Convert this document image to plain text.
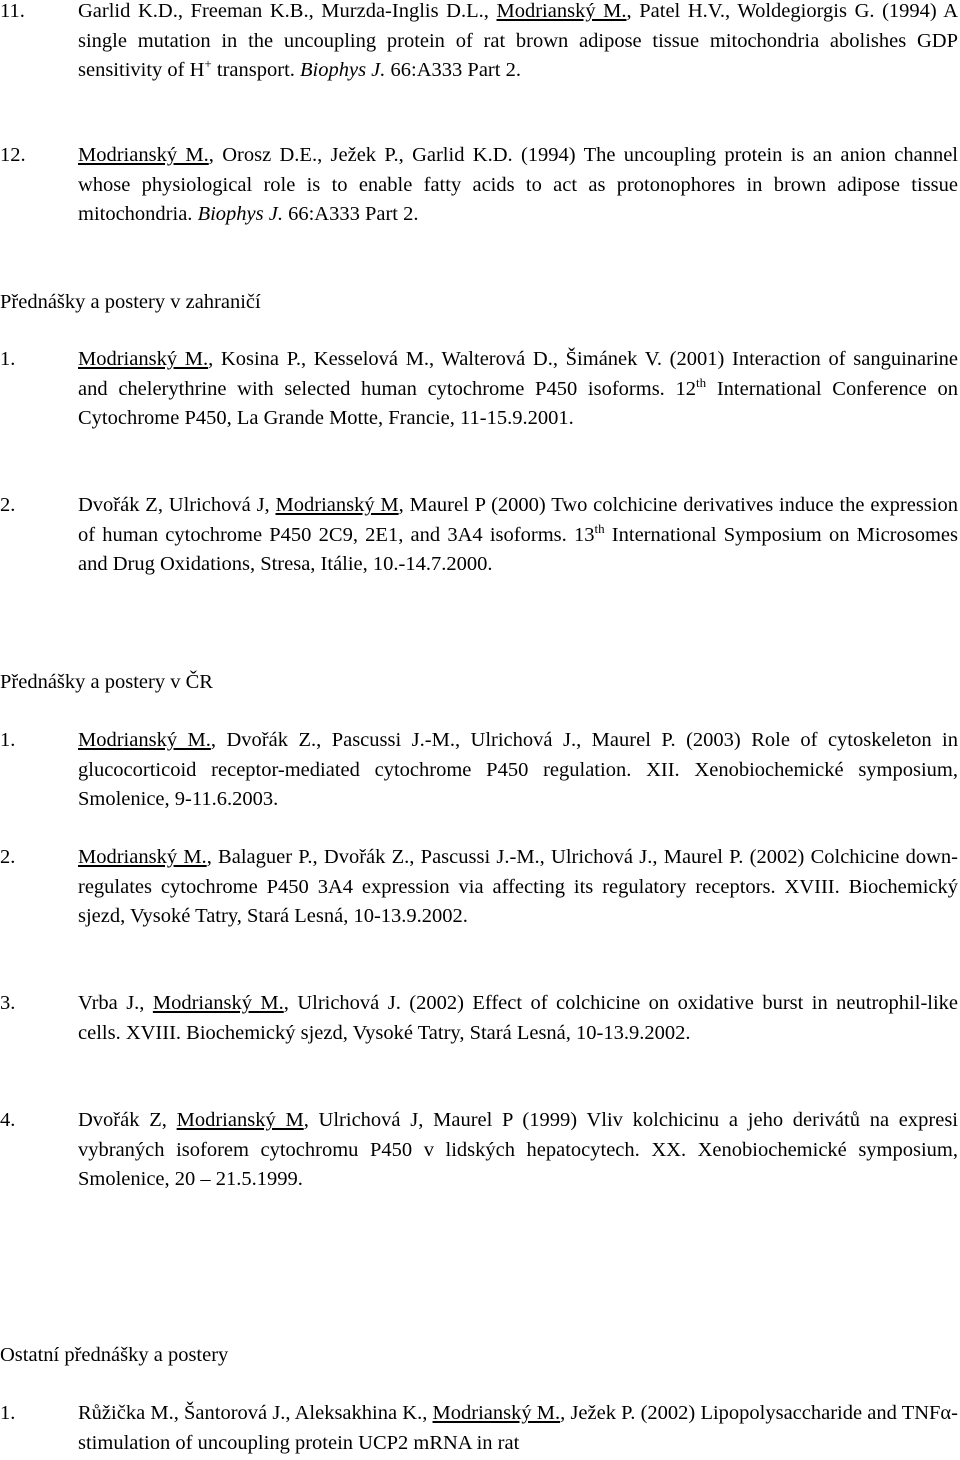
11.	Garlid K.D., Freeman K.B., Murzda-Inglis D.L., Modrianský M., Patel H.V., Woldegiorgis G. (1994) A single mutation in the uncoupling protein of rat brown adipose tissue mitochondria abolishes GDP sensitivity of H+ transport. Biophys J. 66:A333 Part 2.
12.	Modrianský M., Orosz D.E., Ježek P., Garlid K.D. (1994) The uncoupling protein is an anion channel whose physiological role is to enable fatty acids to act as protonophores in brown adipose tissue mitochondria. Biophys J. 66:A333 Part 2.
Přednášky a postery v zahraničí
1.	Modrianský M., Kosina P., Kesselová M., Walterová D., Šimánek V. (2001) Interaction of sanguinarine and chelerythrine with selected human cytochrome P450 isoforms. 12th International Conference on Cytochrome P450, La Grande Motte, Francie, 11-15.9.2001.
2.	Dvořák Z, Ulrichová J, Modrianský M, Maurel P (2000) Two colchicine derivatives induce the expression of human cytochrome P450 2C9, 2E1, and 3A4 isoforms. 13th International Symposium on Microsomes and Drug Oxidations, Stresa, Itálie, 10.-14.7.2000.
Přednášky a postery v ČR
1.	Modrianský M., Dvořák Z., Pascussi J.-M., Ulrichová J., Maurel P. (2003) Role of cytoskeleton in glucocorticoid receptor-mediated cytochrome P450 regulation. XII. Xenobiochemické symposium, Smolenice, 9-11.6.2003.
2.	Modrianský M., Balaguer P., Dvořák Z., Pascussi J.-M., Ulrichová J., Maurel P. (2002) Colchicine down-regulates cytochrome P450 3A4 expression via affecting its regulatory receptors. XVIII. Biochemický sjezd, Vysoké Tatry, Stará Lesná, 10-13.9.2002.
3.	Vrba J., Modrianský M., Ulrichová J. (2002) Effect of colchicine on oxidative burst in neutrophil-like cells. XVIII. Biochemický sjezd, Vysoké Tatry, Stará Lesná, 10-13.9.2002.
4.	Dvořák Z, Modrianský M, Ulrichová J, Maurel P (1999) Vliv kolchicinu a jeho derivátů na expresi vybraných isoforem cytochromu P450 v lidských hepatocytech. XX. Xenobiochemické symposium, Smolenice, 20 – 21.5.1999.
Ostatní přednášky a postery
1.	Růžička M., Šantorová J., Aleksakhina K., Modrianský M., Ježek P. (2002) Lipopolysaccharide and TNFα-stimulation of uncoupling protein UCP2 mRNA in rat
